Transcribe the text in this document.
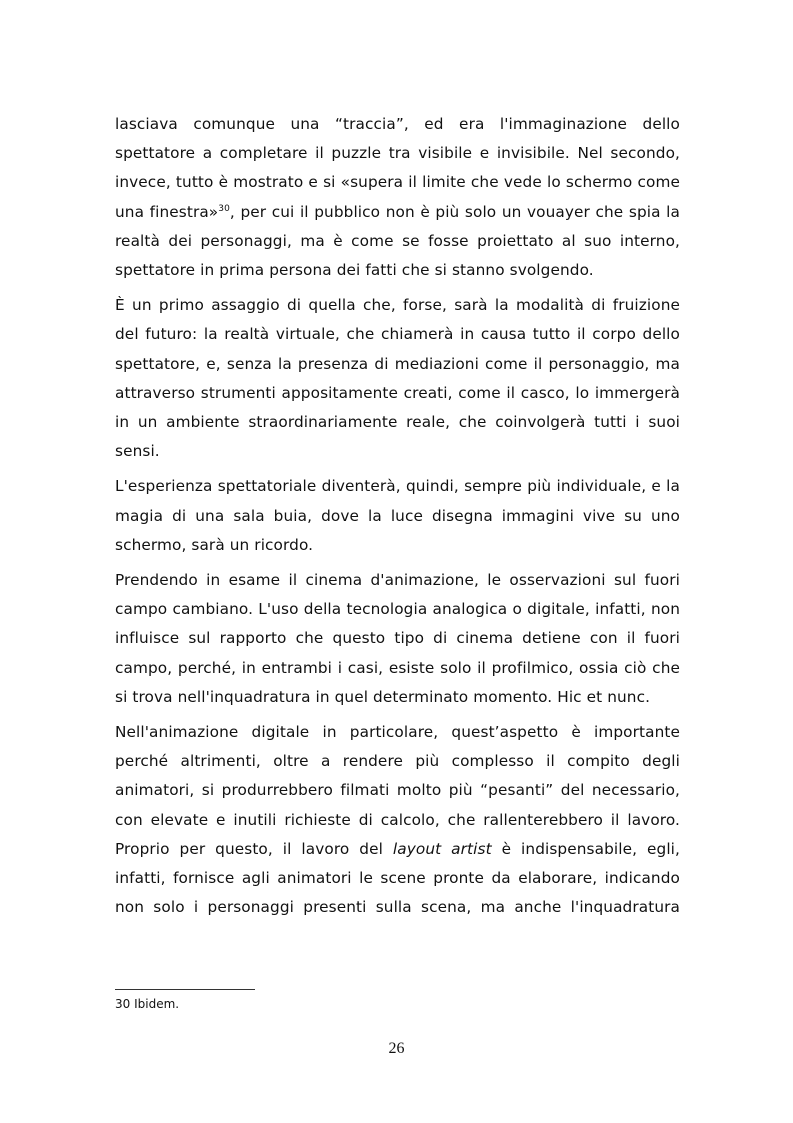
lasciava comunque una “traccia”, ed era l'immaginazione dello spettatore a completare il puzzle tra visibile e invisibile. Nel secondo, invece, tutto è mostrato e si «supera il limite che vede lo schermo come una finestra»$^{30}$, per cui il pubblico non è più solo un vouayer che spia la realtà dei personaggi, ma è come se fosse proiettato al suo interno, spettatore in prima persona dei fatti che si stanno svolgendo.

È un primo assaggio di quella che, forse, sarà la modalità di fruizione del futuro: la realtà virtuale, che chiamerà in causa tutto il corpo dello spettatore, e, senza la presenza di mediazioni come il personaggio, ma attraverso strumenti appositamente creati, come il casco, lo immergerà in un ambiente straordinariamente reale, che coinvolgerà tutti i suoi sensi.

L'esperienza spettatoriale diventerà, quindi, sempre più individuale, e la magia di una sala buia, dove la luce disegna immagini vive su uno schermo, sarà un ricordo.

Prendendo in esame il cinema d'animazione, le osservazioni sul fuori campo cambiano. L'uso della tecnologia analogica o digitale, infatti, non influisce sul rapporto che questo tipo di cinema detiene con il fuori campo, perché, in entrambi i casi, esiste solo il profilmico, ossia ciò che si trova nell'inquadratura in quel determinato momento. Hic et nunc.

Nell'animazione digitale in particolare, quest’aspetto è importante perché altrimenti, oltre a rendere più complesso il compito degli animatori, si produrrebbero filmati molto più “pesanti” del necessario, con elevate e inutili richieste di calcolo, che rallenterebbero il lavoro. Proprio per questo, il lavoro del layout artist è indispensabile, egli, infatti, fornisce agli animatori le scene pronte da elaborare, indicando non solo i personaggi presenti sulla scena, ma anche l'inquadratura

30 Ibidem.
26
